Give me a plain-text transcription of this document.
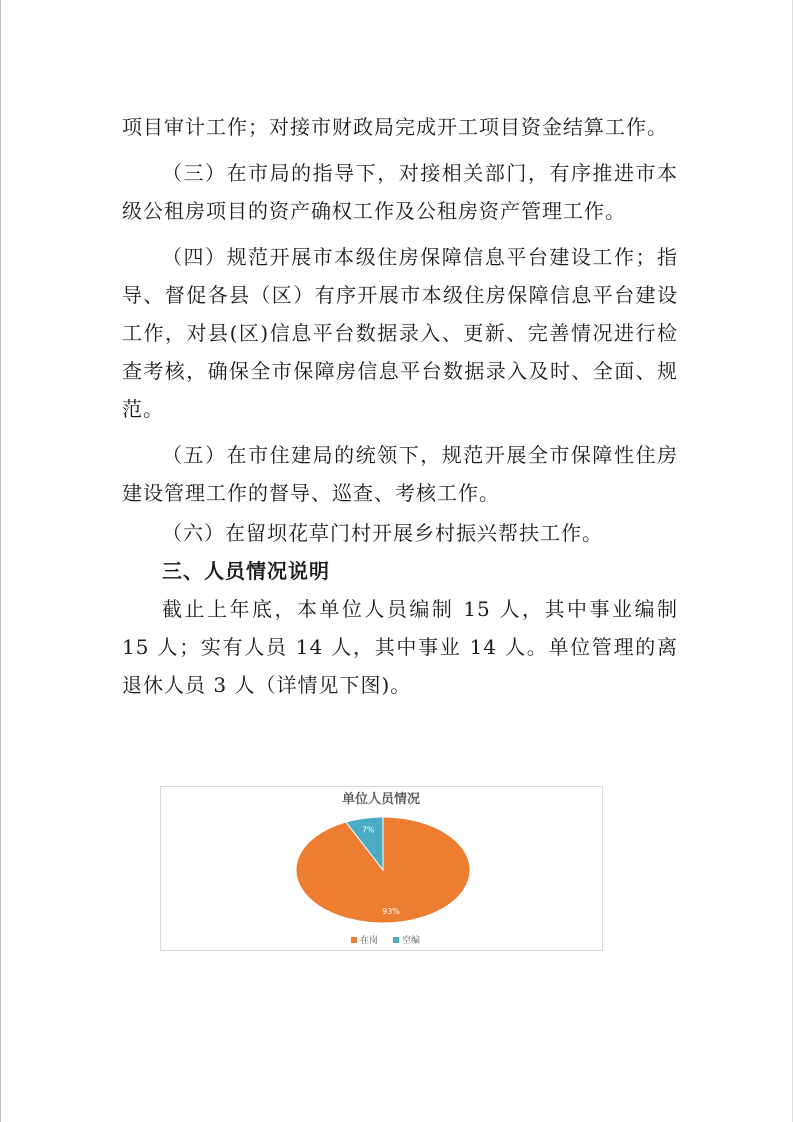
项目审计工作；对接市财政局完成开工项目资金结算工作。

（三）在市局的指导下，对接相关部门，有序推进市本级公租房项目的资产确权工作及公租房资产管理工作。

（四）规范开展市本级住房保障信息平台建设工作；指导、督促各县（区）有序开展市本级住房保障信息平台建设工作，对县(区)信息平台数据录入、更新、完善情况进行检查考核，确保全市保障房信息平台数据录入及时、全面、规范。

（五）在市住建局的统领下，规范开展全市保障性住房建设管理工作的督导、巡查、考核工作。

（六）在留坝花草门村开展乡村振兴帮扶工作。

三、人员情况说明

截止上年底，本单位人员编制 15 人，其中事业编制 15 人；实有人员 14 人，其中事业 14 人。单位管理的离退休人员 3 人（详情见下图)。

单位人员情况
93%
7%
在岗	空编
